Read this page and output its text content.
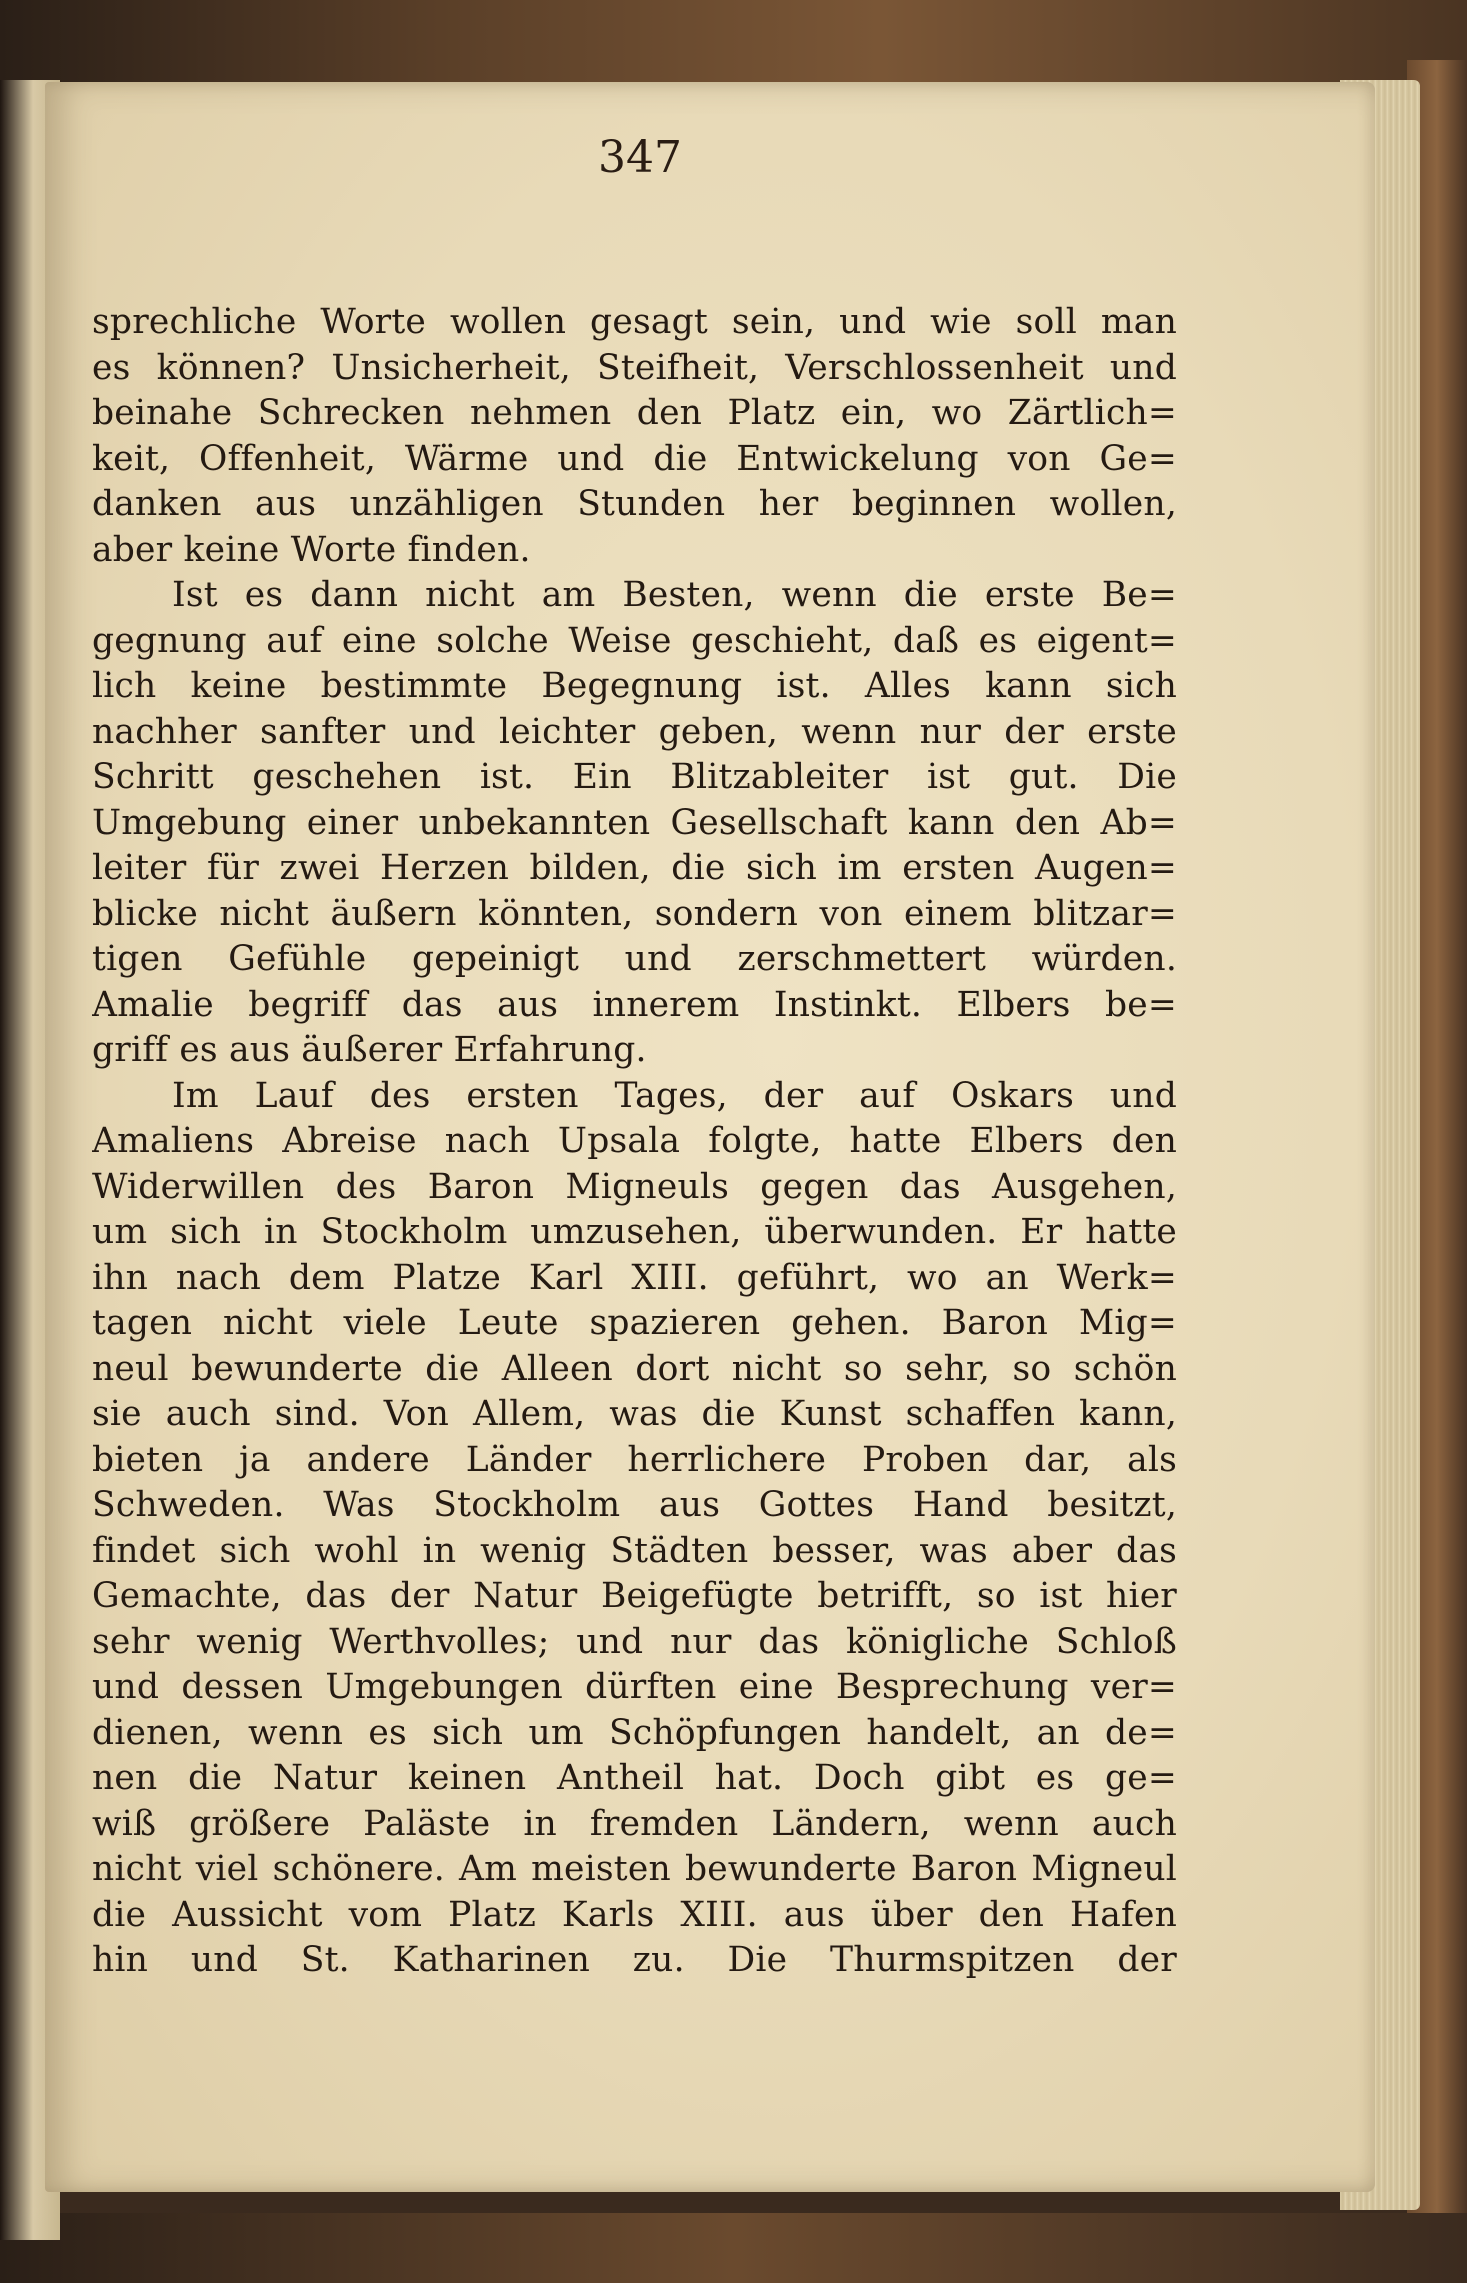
347
sprechliche Worte wollen gesagt sein, und wie soll man
es können? Unsicherheit, Steifheit, Verschlossenheit und
beinahe Schrecken nehmen den Platz ein, wo Zärtlich=
keit, Offenheit, Wärme und die Entwickelung von Ge=
danken aus unzähligen Stunden her beginnen wollen,
aber keine Worte finden.
Ist es dann nicht am Besten, wenn die erste Be=
gegnung auf eine solche Weise geschieht, daß es eigent=
lich keine bestimmte Begegnung ist. Alles kann sich
nachher sanfter und leichter geben, wenn nur der erste
Schritt geschehen ist. Ein Blitzableiter ist gut. Die
Umgebung einer unbekannten Gesellschaft kann den Ab=
leiter für zwei Herzen bilden, die sich im ersten Augen=
blicke nicht äußern könnten, sondern von einem blitzar=
tigen Gefühle gepeinigt und zerschmettert würden.
Amalie begriff das aus innerem Instinkt. Elbers be=
griff es aus äußerer Erfahrung.
Im Lauf des ersten Tages, der auf Oskars und
Amaliens Abreise nach Upsala folgte, hatte Elbers den
Widerwillen des Baron Migneuls gegen das Ausgehen,
um sich in Stockholm umzusehen, überwunden. Er hatte
ihn nach dem Platze Karl XIII. geführt, wo an Werk=
tagen nicht viele Leute spazieren gehen. Baron Mig=
neul bewunderte die Alleen dort nicht so sehr, so schön
sie auch sind. Von Allem, was die Kunst schaffen kann,
bieten ja andere Länder herrlichere Proben dar, als
Schweden. Was Stockholm aus Gottes Hand besitzt,
findet sich wohl in wenig Städten besser, was aber das
Gemachte, das der Natur Beigefügte betrifft, so ist hier
sehr wenig Werthvolles; und nur das königliche Schloß
und dessen Umgebungen dürften eine Besprechung ver=
dienen, wenn es sich um Schöpfungen handelt, an de=
nen die Natur keinen Antheil hat. Doch gibt es ge=
wiß größere Paläste in fremden Ländern, wenn auch
nicht viel schönere. Am meisten bewunderte Baron Migneul
die Aussicht vom Platz Karls XIII. aus über den Hafen
hin und St. Katharinen zu. Die Thurmspitzen der
